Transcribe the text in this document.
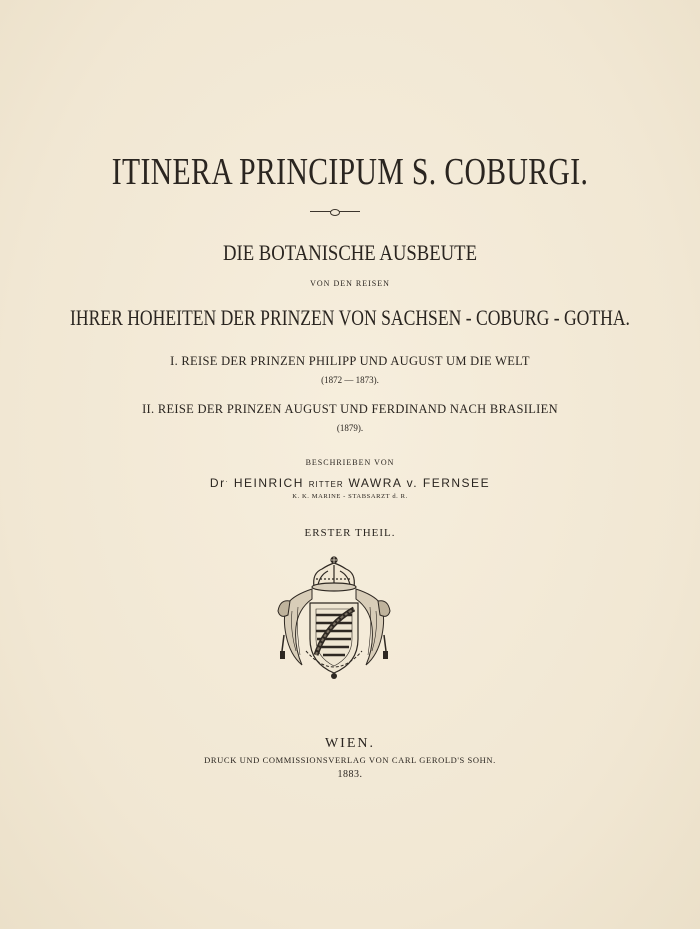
ITINERA PRINCIPUM S. COBURGI.
DIE BOTANISCHE AUSBEUTE
VON DEN REISEN
IHRER HOHEITEN DER PRINZEN VON SACHSEN - COBURG - GOTHA.
I. REISE DER PRINZEN PHILIPP UND AUGUST UM DIE WELT
(1872 — 1873).
II. REISE DER PRINZEN AUGUST UND FERDINAND NACH BRASILIEN
(1879).
BESCHRIEBEN VON
Dr. HEINRICH RITTER WAWRA v. FERNSEE
K. K. MARINE - STABSARZT d. R.
ERSTER THEIL.
WIEN.
DRUCK UND COMMISSIONSVERLAG VON CARL GEROLD'S SOHN.
1883.
